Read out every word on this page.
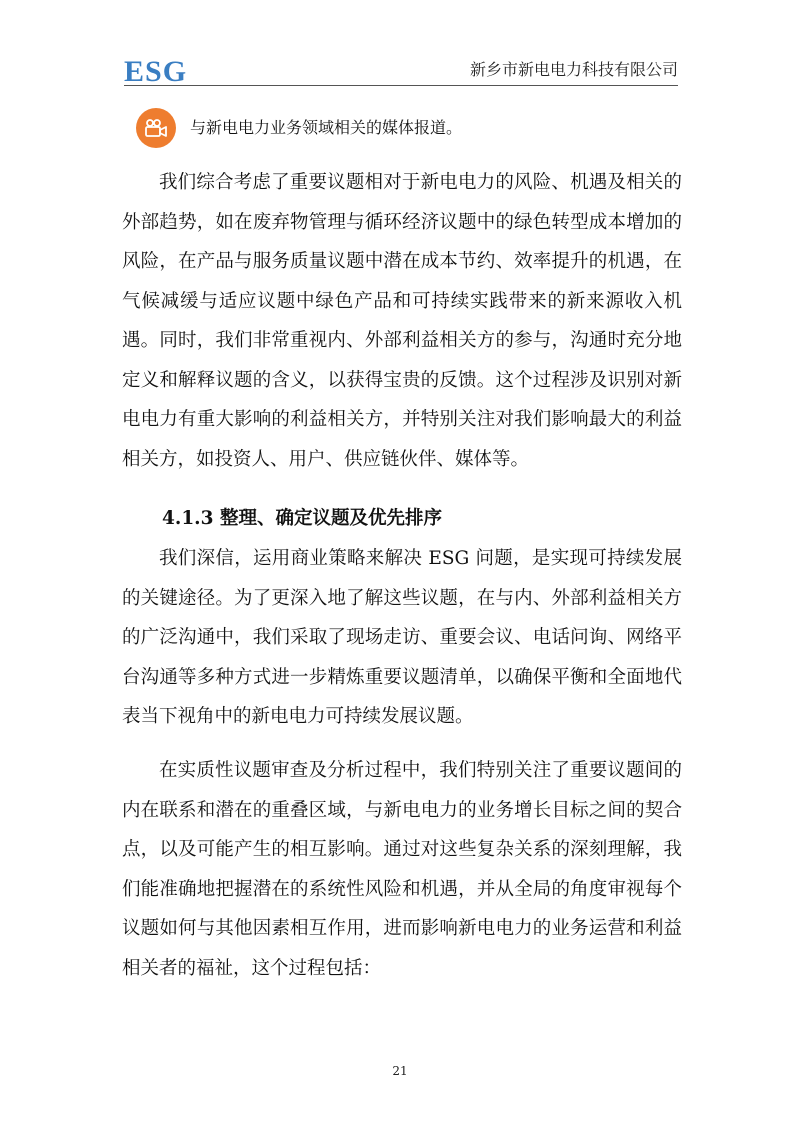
ESG	新乡市新电电力科技有限公司
与新电电力业务领域相关的媒体报道。

我们综合考虑了重要议题相对于新电电力的风险、机遇及相关的外部趋势，如在废弃物管理与循环经济议题中的绿色转型成本增加的风险，在产品与服务质量议题中潜在成本节约、效率提升的机遇，在气候减缓与适应议题中绿色产品和可持续实践带来的新来源收入机遇。同时，我们非常重视内、外部利益相关方的参与，沟通时充分地定义和解释议题的含义，以获得宝贵的反馈。这个过程涉及识别对新电电力有重大影响的利益相关方，并特别关注对我们影响最大的利益相关方，如投资人、用户、供应链伙伴、媒体等。

4.1.3 整理、确定议题及优先排序

我们深信，运用商业策略来解决 ESG 问题，是实现可持续发展的关键途径。为了更深入地了解这些议题，在与内、外部利益相关方的广泛沟通中，我们采取了现场走访、重要会议、电话问询、网络平台沟通等多种方式进一步精炼重要议题清单，以确保平衡和全面地代表当下视角中的新电电力可持续发展议题。

在实质性议题审查及分析过程中，我们特别关注了重要议题间的内在联系和潜在的重叠区域，与新电电力的业务增长目标之间的契合点，以及可能产生的相互影响。通过对这些复杂关系的深刻理解，我们能准确地把握潜在的系统性风险和机遇，并从全局的角度审视每个议题如何与其他因素相互作用，进而影响新电电力的业务运营和利益相关者的福祉，这个过程包括：

21
